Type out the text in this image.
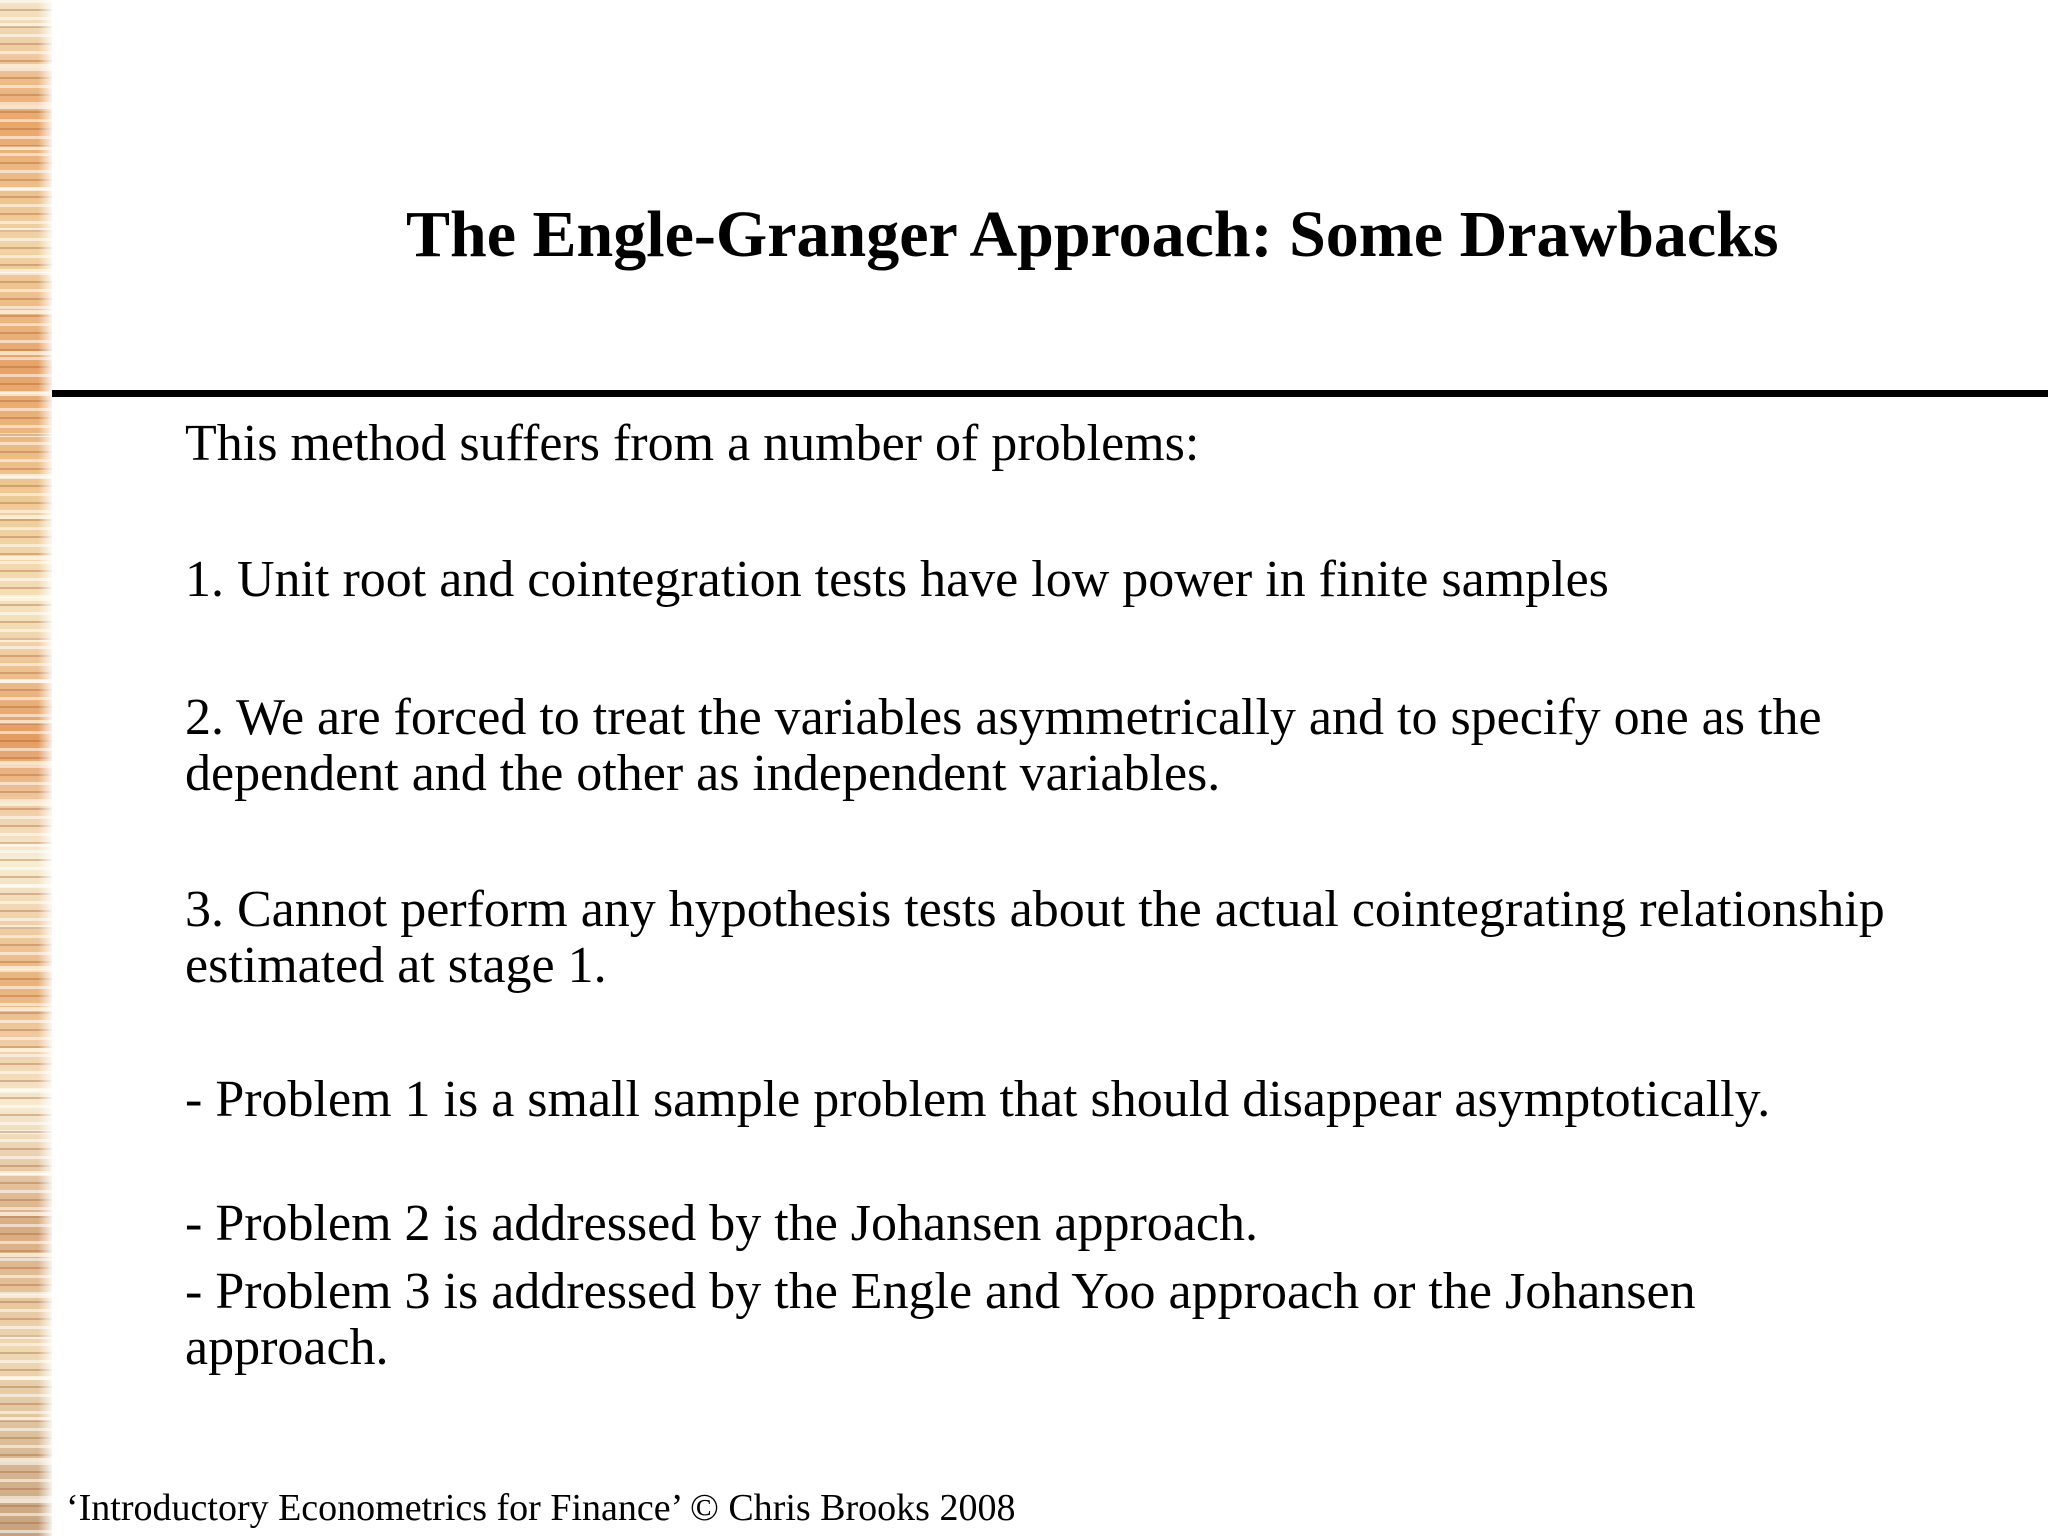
The Engle-Granger Approach: Some Drawbacks
This method suffers from a number of problems:
1. Unit root and cointegration tests have low power in finite samples
2. We are forced to treat the variables asymmetrically and to specify one as the dependent and the other as independent variables.
3. Cannot perform any hypothesis tests about the actual cointegrating relationship estimated at stage 1.
- Problem 1 is a small sample problem that should disappear asymptotically.
- Problem 2 is addressed by the Johansen approach.
- Problem 3 is addressed by the Engle and Yoo approach or the Johansen approach.
‘Introductory Econometrics for Finance’ © Chris Brooks 2008
